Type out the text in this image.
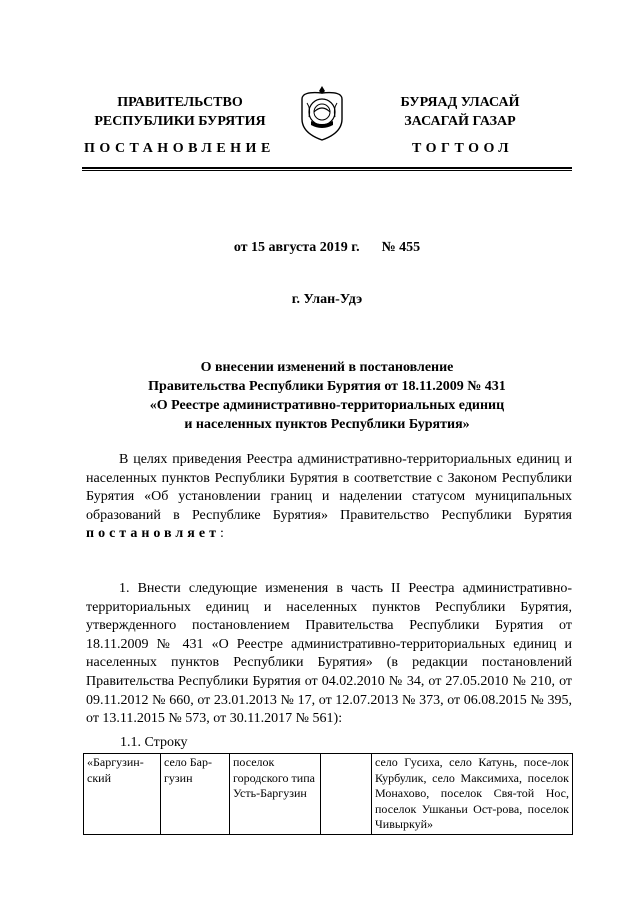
ПРАВИТЕЛЬСТВО
РЕСПУБЛИКИ БУРЯТИЯ
БУРЯАД УЛАСАЙ
ЗАСАГАЙ ГАЗАР
ПОСТАНОВЛЕНИЕ	ТОГТООЛ
от 15 августа 2019 г. № 455
г. Улан-Удэ
О внесении изменений в постановление
Правительства Республики Бурятия от 18.11.2009 № 431
«О Реестре административно-территориальных единиц
и населенных пунктов Республики Бурятия»

В целях приведения Реестра административно-территориальных единиц и населенных пунктов Республики Бурятия в соответствие с Законом Республики Бурятия «Об установлении границ и наделении статусом муниципальных образований в Республике Бурятия» Правительство Республики Бурятия постановляет:

1. Внести следующие изменения в часть II Реестра административно-территориальных единиц и населенных пунктов Республики Бурятия, утвержденного постановлением Правительства Республики Бурятия от 18.11.2009 № 431 «О Реестре административно-территориальных единиц и населенных пунктов Республики Бурятия» (в редакции постановлений Правительства Республики Бурятия от 04.02.2010 № 34, от 27.05.2010 № 210, от 09.11.2012 № 660, от 23.01.2013 № 17, от 12.07.2013 № 373, от 06.08.2015 № 395, от 13.11.2015 № 573, от 30.11.2017 № 561):

1.1. Строку
«Баргузин-ский	село Бар-гузин	поселок городского типа Усть-Баргузин		село Гусиха, село Катунь, посе-лок Курбулик, село Максимиха, поселок Монахово, поселок Свя-той Нос, поселок Ушканьи Ост-рова, поселок Чивыркуй»
